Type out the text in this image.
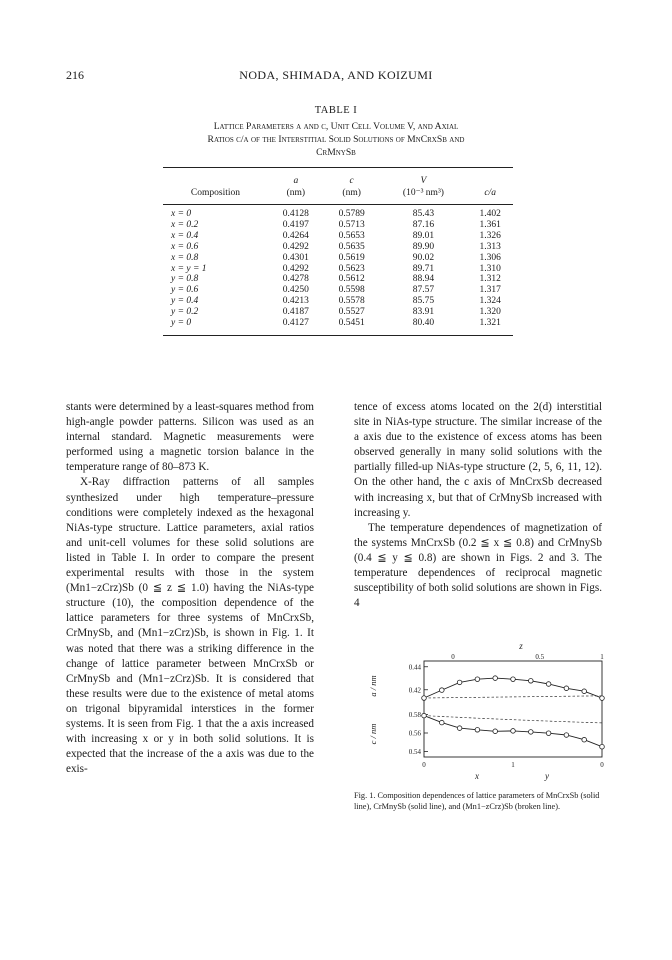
216	NODA, SHIMADA, AND KOIZUMI
TABLE I
Lattice Parameters a and c, Unit Cell Volume V, and Axial
Ratios c/a of the Interstitial Solid Solutions of MnCrxSb and
CrMnySb
	a	c	V	
Composition	(nm)	(nm)	(10⁻³ nm³)	c/a
x = 0	0.4128	0.5789	85.43	1.402
x = 0.2	0.4197	0.5713	87.16	1.361
x = 0.4	0.4264	0.5653	89.01	1.326
x = 0.6	0.4292	0.5635	89.90	1.313
x = 0.8	0.4301	0.5619	90.02	1.306
x = y = 1	0.4292	0.5623	89.71	1.310
y = 0.8	0.4278	0.5612	88.94	1.312
y = 0.6	0.4250	0.5598	87.57	1.317
y = 0.4	0.4213	0.5578	85.75	1.324
y = 0.2	0.4187	0.5527	83.91	1.320
y = 0	0.4127	0.5451	80.40	1.321

stants were determined by a least-squares method from high-angle powder patterns. Silicon was used as an internal standard. Magnetic measurements were performed using a magnetic torsion balance in the temperature range of 80–873 K.

X-Ray diffraction patterns of all samples synthesized under high temperature–pressure conditions were completely indexed as the hexagonal NiAs-type structure. Lattice parameters, axial ratios and unit-cell volumes for these solid solutions are listed in Table I. In order to compare the present experimental results with those in the system (Mn1−zCrz)Sb (0 ≦ z ≦ 1.0) having the NiAs-type structure (10), the composition dependence of the lattice parameters for three systems of MnCrxSb, CrMnySb, and (Mn1−zCrz)Sb, is shown in Fig. 1. It was noted that there was a striking difference in the change of lattice parameter between MnCrxSb or CrMnySb and (Mn1−zCrz)Sb. It is considered that these results were due to the existence of metal atoms on trigonal bipyramidal interstices in the former systems. It is seen from Fig. 1 that the a axis increased with increasing x or y in both solid solutions. It is expected that the increase of the a axis was due to the exis-

tence of excess atoms located on the 2(d) interstitial site in NiAs-type structure. The similar increase of the a axis due to the existence of excess atoms has been observed generally in many solid solutions with the partially filled-up NiAs-type structure (2, 5, 6, 11, 12). On the other hand, the c axis of MnCrxSb decreased with increasing x, but that of CrMnySb increased with increasing y.

The temperature dependences of magnetization of the systems MnCrxSb (0.2 ≦ x ≦ 0.8) and CrMnySb (0.4 ≦ y ≦ 0.8) are shown in Figs. 2 and 3. The temperature dependences of reciprocal magnetic susceptibility of both solid solutions are shown in Figs. 4

z
0	0.5	1
a / nm
c / nm
0.44
0.42
0.58
0.56
0.54
0	1	0
x	y
Fig. 1. Composition dependences of lattice parameters of MnCrxSb (solid line), CrMnySb (solid line), and (Mn1−zCrz)Sb (broken line).
